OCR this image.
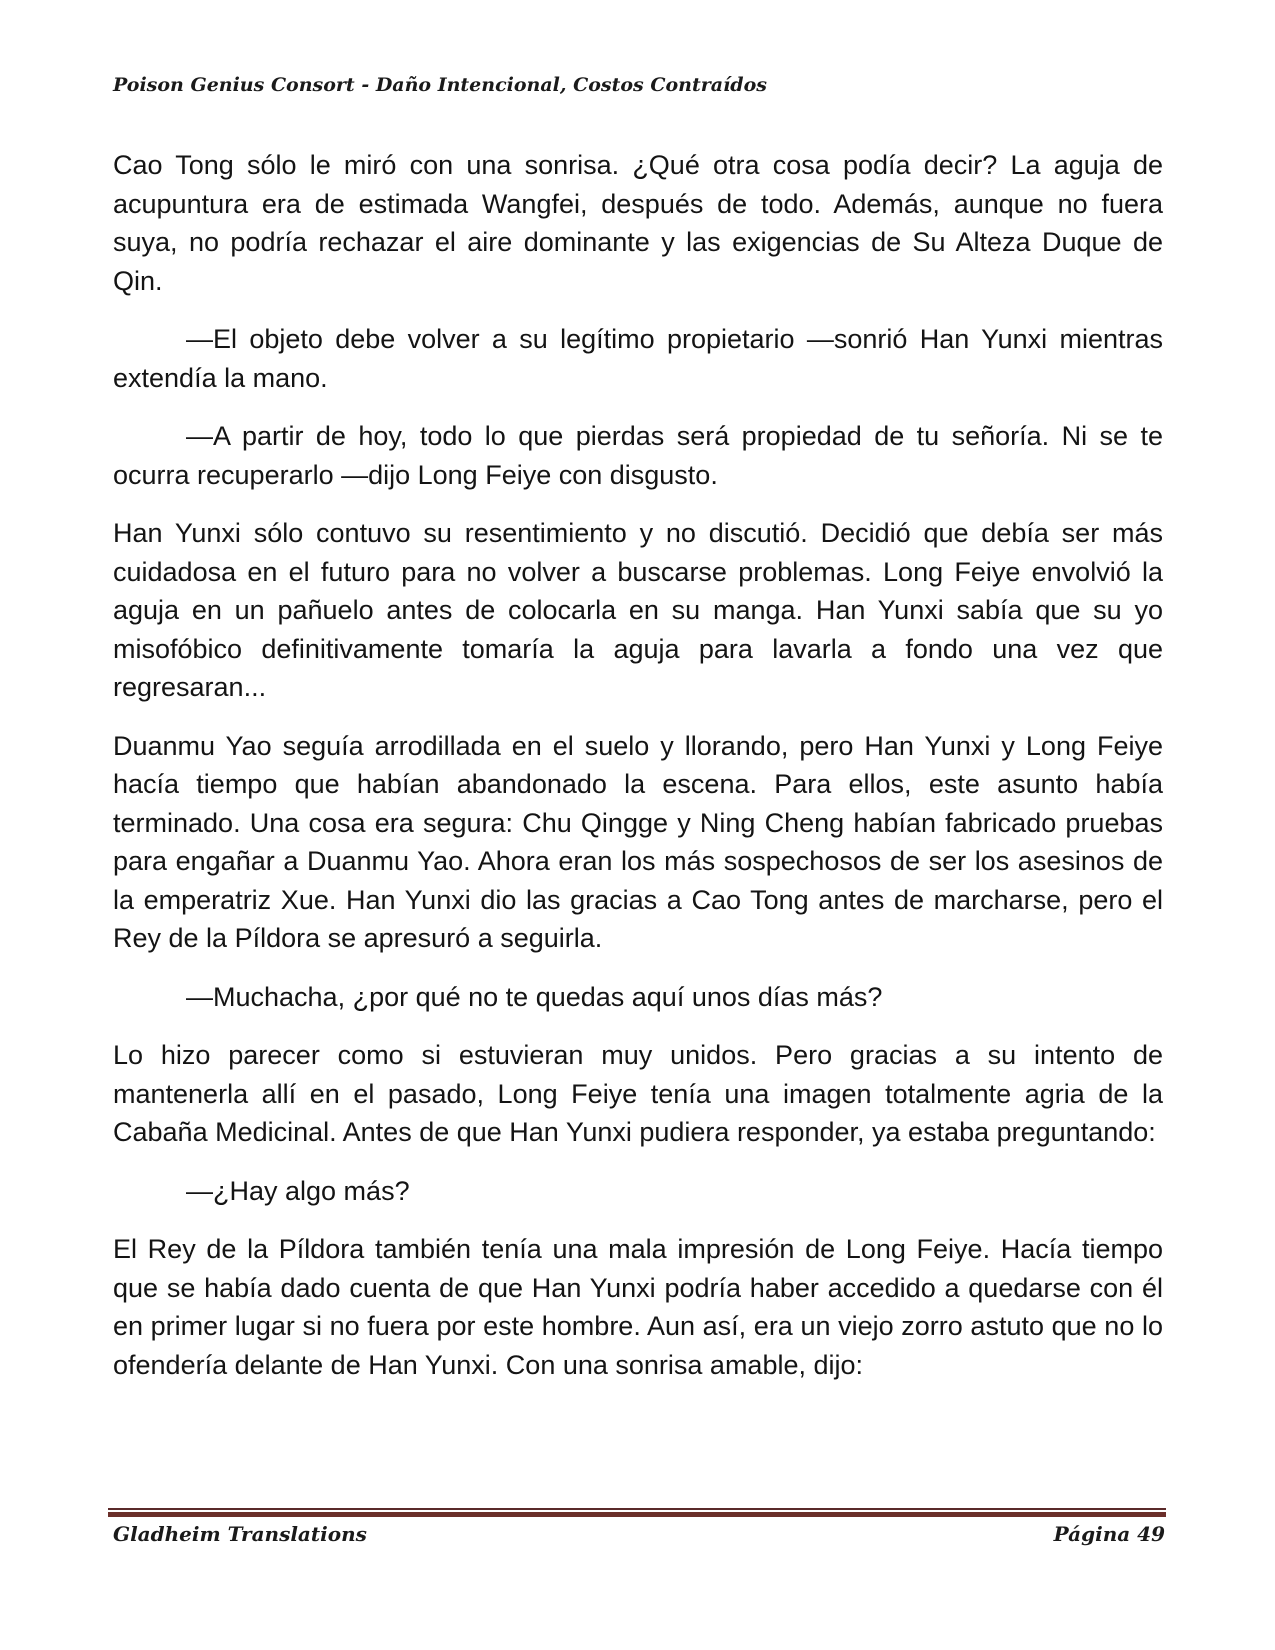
Poison Genius Consort - Daño Intencional, Costos Contraídos

Cao Tong sólo le miró con una sonrisa. ¿Qué otra cosa podía decir? La aguja de acupuntura era de estimada Wangfei, después de todo. Además, aunque no fuera suya, no podría rechazar el aire dominante y las exigencias de Su Alteza Duque de Qin.

—El objeto debe volver a su legítimo propietario —sonrió Han Yunxi mientras extendía la mano.

—A partir de hoy, todo lo que pierdas será propiedad de tu señoría. Ni se te ocurra recuperarlo —dijo Long Feiye con disgusto.

Han Yunxi sólo contuvo su resentimiento y no discutió. Decidió que debía ser más cuidadosa en el futuro para no volver a buscarse problemas. Long Feiye envolvió la aguja en un pañuelo antes de colocarla en su manga. Han Yunxi sabía que su yo misofóbico definitivamente tomaría la aguja para lavarla a fondo una vez que regresaran...

Duanmu Yao seguía arrodillada en el suelo y llorando, pero Han Yunxi y Long Feiye hacía tiempo que habían abandonado la escena. Para ellos, este asunto había terminado. Una cosa era segura: Chu Qingge y Ning Cheng habían fabricado pruebas para engañar a Duanmu Yao. Ahora eran los más sospechosos de ser los asesinos de la emperatriz Xue. Han Yunxi dio las gracias a Cao Tong antes de marcharse, pero el Rey de la Píldora se apresuró a seguirla.

—Muchacha, ¿por qué no te quedas aquí unos días más?

Lo hizo parecer como si estuvieran muy unidos. Pero gracias a su intento de mantenerla allí en el pasado, Long Feiye tenía una imagen totalmente agria de la Cabaña Medicinal. Antes de que Han Yunxi pudiera responder, ya estaba preguntando:

—¿Hay algo más?

El Rey de la Píldora también tenía una mala impresión de Long Feiye. Hacía tiempo que se había dado cuenta de que Han Yunxi podría haber accedido a quedarse con él en primer lugar si no fuera por este hombre. Aun así, era un viejo zorro astuto que no lo ofendería delante de Han Yunxi. Con una sonrisa amable, dijo:

Gladheim Translations	Página 49
